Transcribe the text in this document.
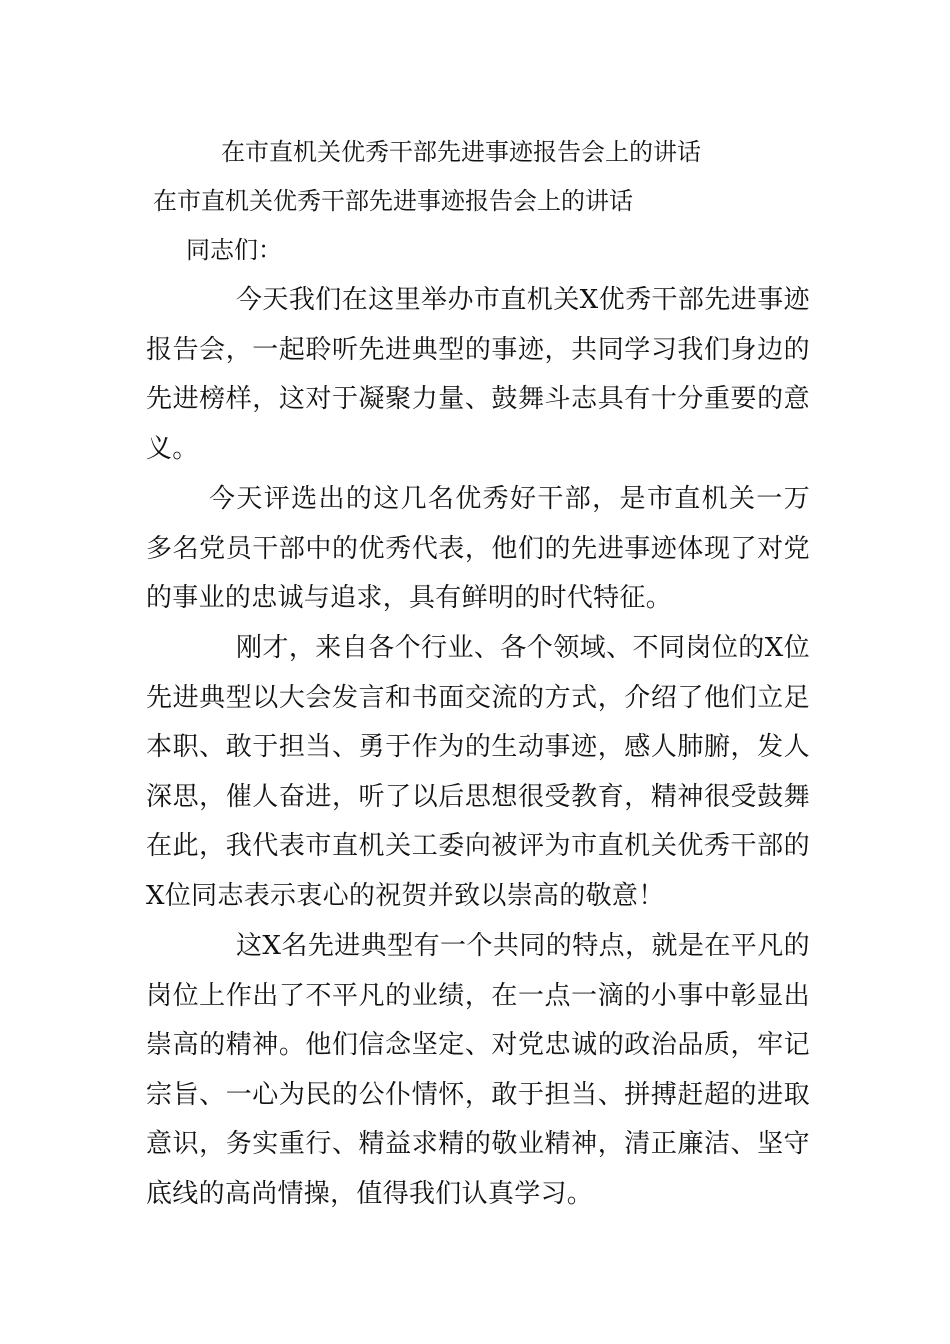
在市直机关优秀干部先进事迹报告会上的讲话
在市直机关优秀干部先进事迹报告会上的讲话

同志们：

今天我们在这里举办市直机关X优秀干部先进事迹报告会，一起聆听先进典型的事迹，共同学习我们身边的先进榜样，这对于凝聚力量、鼓舞斗志具有十分重要的意义。

今天评选出的这几名优秀好干部，是市直机关一万多名党员干部中的优秀代表，他们的先进事迹体现了对党的事业的忠诚与追求，具有鲜明的时代特征。

刚才，来自各个行业、各个领域、不同岗位的X位先进典型以大会发言和书面交流的方式，介绍了他们立足本职、敢于担当、勇于作为的生动事迹，感人肺腑，发人深思，催人奋进，听了以后思想很受教育，精神很受鼓舞在此，我代表市直机关工委向被评为市直机关优秀干部的X位同志表示衷心的祝贺并致以崇高的敬意！

这X名先进典型有一个共同的特点，就是在平凡的岗位上作出了不平凡的业绩，在一点一滴的小事中彰显出崇高的精神。他们信念坚定、对党忠诚的政治品质，牢记宗旨、一心为民的公仆情怀，敢于担当、拼搏赶超的进取意识，务实重行、精益求精的敬业精神，清正廉洁、坚守底线的高尚情操，值得我们认真学习。
